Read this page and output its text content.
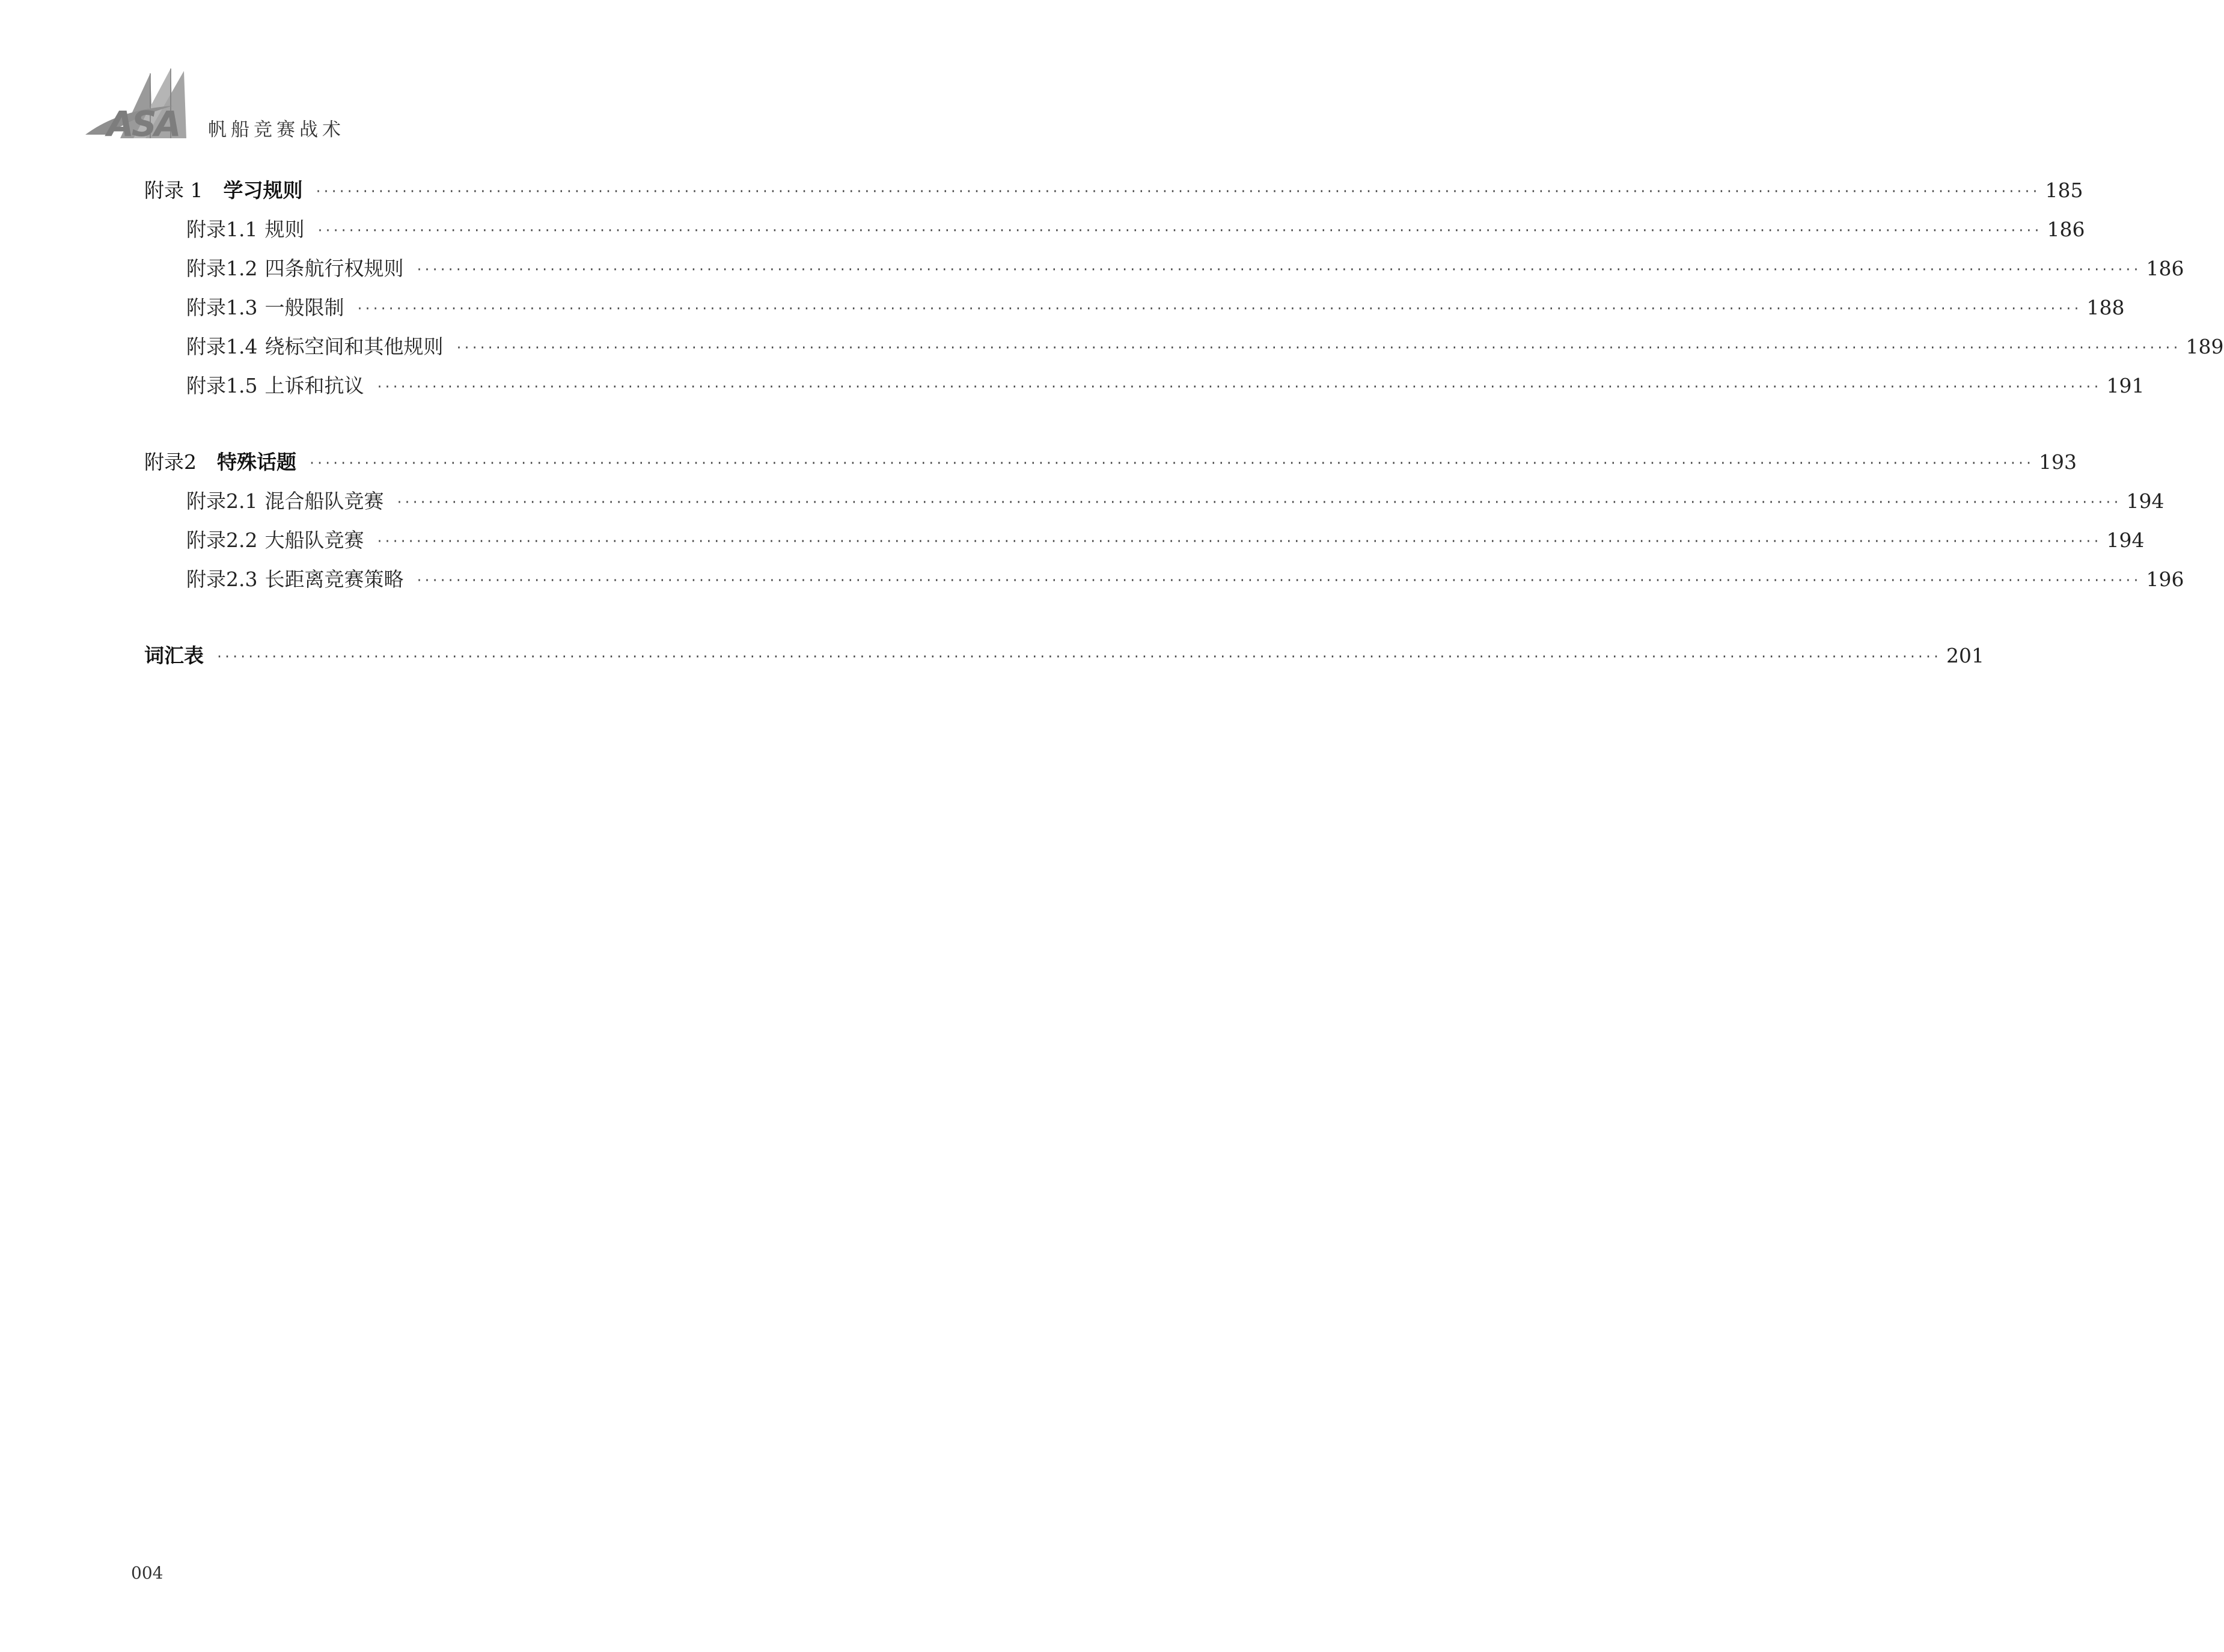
ASA 帆船竞赛战术
附录 1 学习规则 ···························································································································································································································· 185
附录1.1 规则 ···························································································································································································································· 186
附录1.2 四条航行权规则 ···························································································································································································································· 186
附录1.3 一般限制 ···························································································································································································································· 188
附录1.4 绕标空间和其他规则 ···························································································································································································································· 189
附录1.5 上诉和抗议 ···························································································································································································································· 191
附录2 特殊话题 ···························································································································································································································· 193
附录2.1 混合船队竞赛 ···························································································································································································································· 194
附录2.2 大船队竞赛 ···························································································································································································································· 194
附录2.3 长距离竞赛策略 ···························································································································································································································· 196
词汇表 ···························································································································································································································· 201
004
